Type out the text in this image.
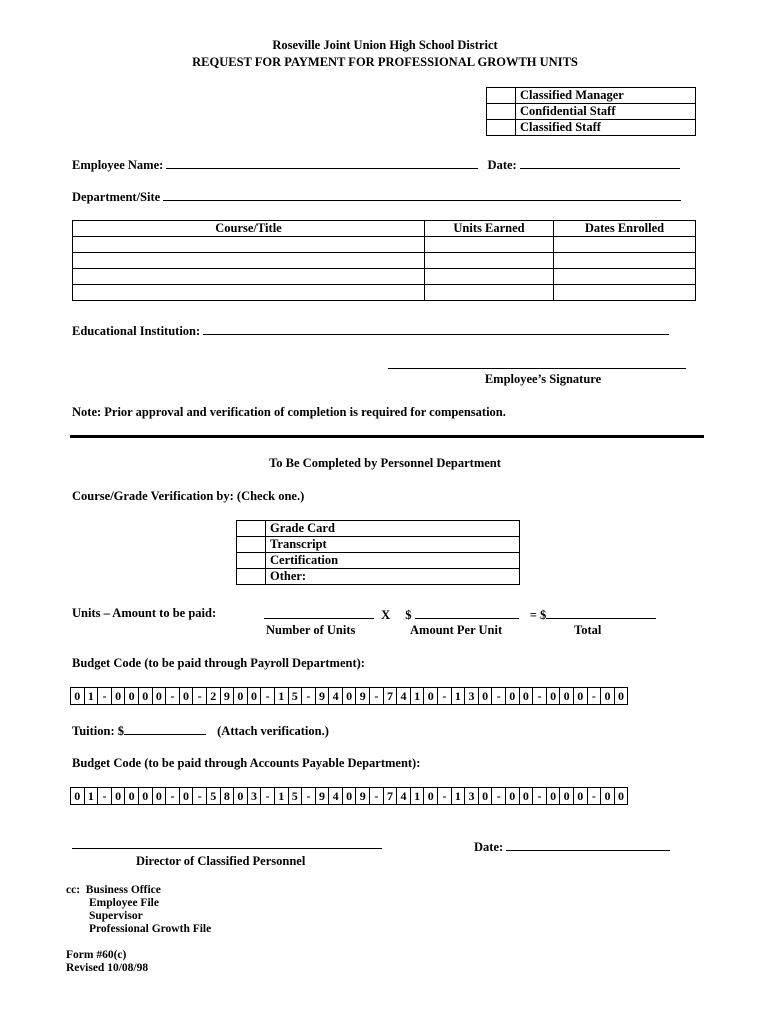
Roseville Joint Union High School District
REQUEST FOR PAYMENT FOR PROFESSIONAL GROWTH UNITS
	Classified Manager
	Confidential Staff
	Classified Staff
Employee Name:	Date:
Department/Site
Course/Title	Units Earned	Dates Enrolled

Educational Institution:
Employee’s Signature
Note: Prior approval and verification of completion is required for compensation.
To Be Completed by Personnel Department
Course/Grade Verification by: (Check one.)
	Grade Card
	Transcript
	Certification
	Other:
Units – Amount to be paid:	X $	= $
Number of Units	Amount Per Unit	Total
Budget Code (to be paid through Payroll Department):
0 1 - 0 0 0 0 - 0 - 2 9 0 0 - 1 5 - 9 4 0 9 - 7 4 1 0 - 1 3 0 - 0 0 - 0 0 0 - 0 0
Tuition: $	(Attach verification.)
Budget Code (to be paid through Accounts Payable Department):
0 1 - 0 0 0 0 - 0 - 5 8 0 3 - 1 5 - 9 4 0 9 - 7 4 1 0 - 1 3 0 - 0 0 - 0 0 0 - 0 0
Director of Classified Personnel
Date:
cc: Business Office
Employee File
Supervisor
Professional Growth File
Form #60(c)
Revised 10/08/98
